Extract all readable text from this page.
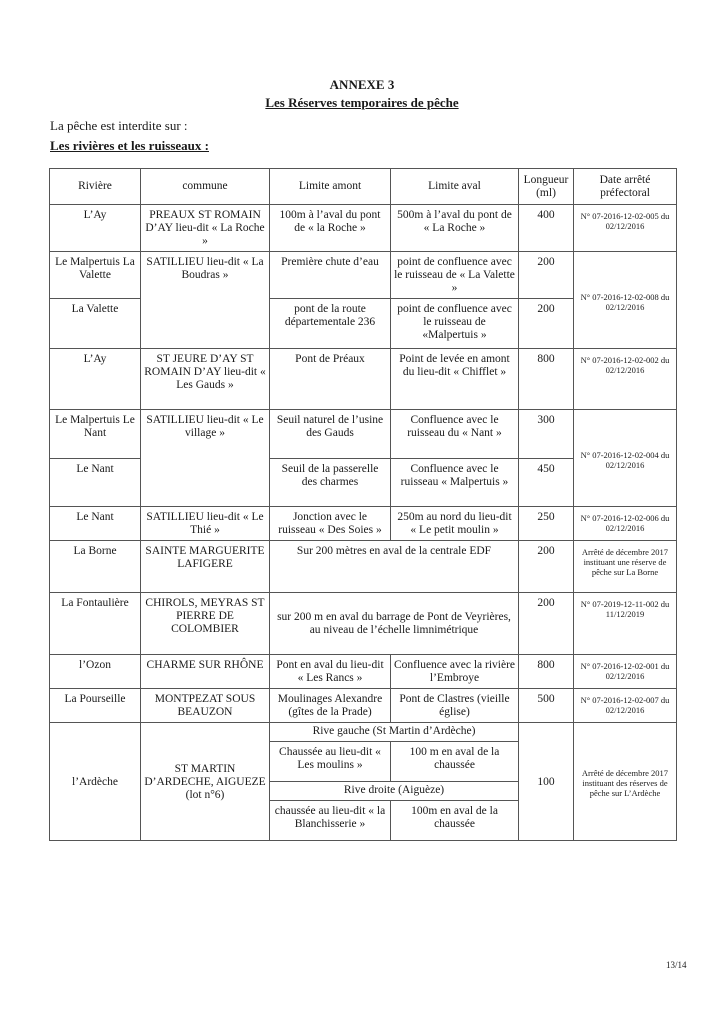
ANNEXE 3

Les Réserves temporaires de pêche

La pêche est interdite sur :

Les rivières et les ruisseaux :

Rivière	commune	Limite amont	Limite aval	Longueur (ml)	Date arrêté préfectoral
L’Ay	PREAUX ST ROMAIN D’AY lieu-dit « La Roche »	100m à l’aval du pont de « la Roche »	500m à l’aval du pont de « La Roche »	400	N° 07-2016-12-02-005 du 02/12/2016
Le Malpertuis La Valette	SATILLIEU lieu-dit « La Boudras »	Première chute d’eau	point de confluence avec le ruisseau de « La Valette »	200	N° 07-2016-12-02-008 du 02/12/2016
La Valette		pont de la route départementale 236	point de confluence avec le ruisseau de «Malpertuis »	200	
L’Ay	ST JEURE D’AY ST ROMAIN D’AY lieu-dit « Les Gauds »	Pont de Préaux	Point de levée en amont du lieu-dit « Chifflet »	800	N° 07-2016-12-02-002 du 02/12/2016
Le Malpertuis Le Nant	SATILLIEU lieu-dit « Le village »	Seuil naturel de l’usine des Gauds	Confluence avec le ruisseau du « Nant »	300	N° 07-2016-12-02-004 du 02/12/2016
Le Nant		Seuil de la passerelle des charmes	Confluence avec le ruisseau « Malpertuis »	450	
Le Nant	SATILLIEU lieu-dit « Le Thié »	Jonction avec le ruisseau « Des Soies »	250m au nord du lieu-dit « Le petit moulin »	250	N° 07-2016-12-02-006 du 02/12/2016
La Borne	SAINTE MARGUERITE LAFIGERE	Sur 200 mètres en aval de la centrale EDF		200	Arrêté de décembre 2017 instituant une réserve de pêche sur La Borne
La Fontaulière	CHIROLS, MEYRAS ST PIERRE DE COLOMBIER	sur 200 m en aval du barrage de Pont de Veyrières, au niveau de l’échelle limnimétrique		200	N° 07-2019-12-11-002 du 11/12/2019
l’Ozon	CHARME SUR RHÔNE	Pont en aval du lieu-dit « Les Rancs »	Confluence avec la rivière l’Embroye	800	N° 07-2016-12-02-001 du 02/12/2016
La Pourseille	MONTPEZAT SOUS BEAUZON	Moulinages Alexandre (gîtes de la Prade)	Pont de Clastres (vieille église)	500	N° 07-2016-12-02-007 du 02/12/2016
l’Ardèche	ST MARTIN D’ARDECHE, AIGUEZE (lot n°6)	Rive gauche (St Martin d’Ardèche)		100	Arrêté de décembre 2017 instituant des réserves de pêche sur L’Ardèche
		Chaussée au lieu-dit « Les moulins »	100 m en aval de la chaussée		
		Rive droite (Aiguèze)			
		chaussée au lieu-dit « la Blanchisserie »	100m en aval de la chaussée		

13/14
